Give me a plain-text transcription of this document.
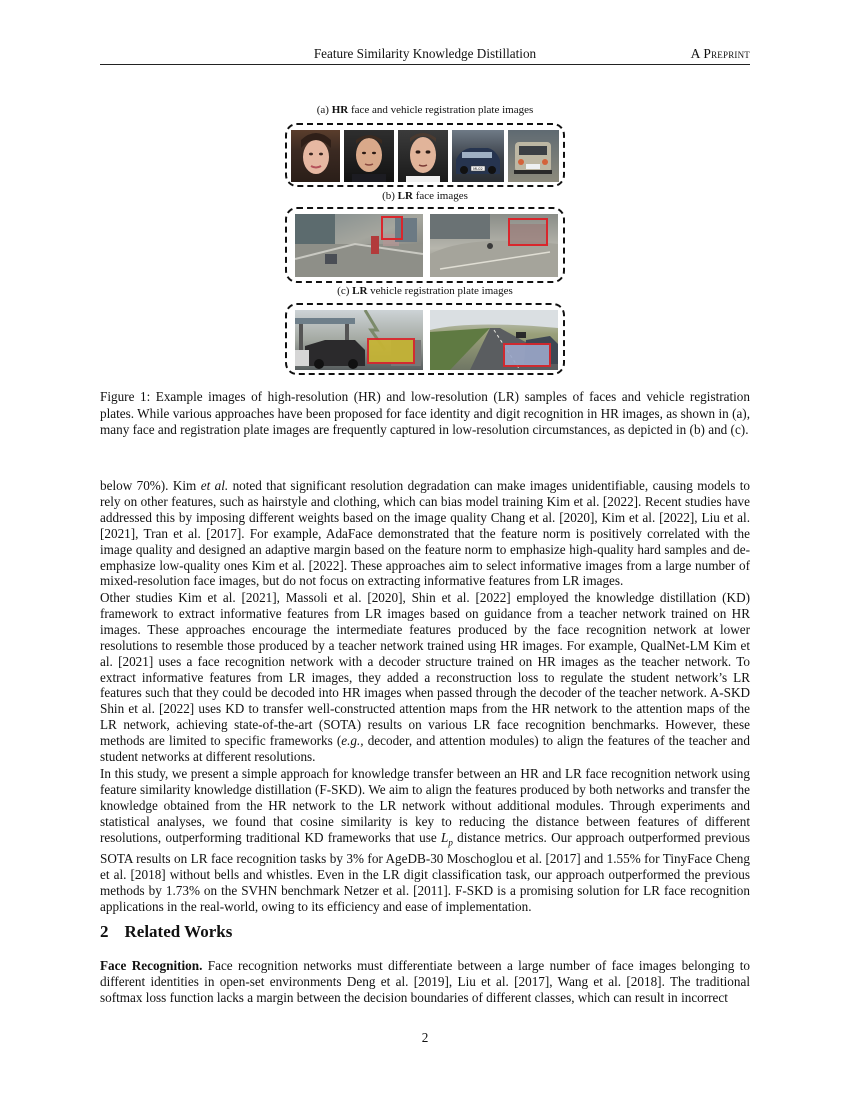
Feature Similarity Knowledge Distillation	A Preprint
(a) HR face and vehicle registration plate images
ML02
(b) LR face images
(c) LR vehicle registration plate images
Figure 1: Example images of high-resolution (HR) and low-resolution (LR) samples of faces and vehicle registration plates. While various approaches have been proposed for face identity and digit recognition in HR images, as shown in (a), many face and registration plate images are frequently captured in low-resolution circumstances, as depicted in (b) and (c).

below 70%). Kim et al. noted that significant resolution degradation can make images unidentifiable, causing models to rely on other features, such as hairstyle and clothing, which can bias model training Kim et al. [2022]. Recent studies have addressed this by imposing different weights based on the image quality Chang et al. [2020], Kim et al. [2022], Liu et al. [2021], Tran et al. [2017]. For example, AdaFace demonstrated that the feature norm is positively correlated with the image quality and designed an adaptive margin based on the feature norm to emphasize high-quality hard samples and de-emphasize low-quality ones Kim et al. [2022]. These approaches aim to select informative images from a large number of mixed-resolution face images, but do not focus on extracting informative features from LR images.

Other studies Kim et al. [2021], Massoli et al. [2020], Shin et al. [2022] employed the knowledge distillation (KD) framework to extract informative features from LR images based on guidance from a teacher network trained on HR images. These approaches encourage the intermediate features produced by the face recognition network at lower resolutions to resemble those produced by a teacher network trained using HR images. For example, QualNet-LM Kim et al. [2021] uses a face recognition network with a decoder structure trained on HR images as the teacher network. To extract informative features from LR images, they added a reconstruction loss to regulate the student network’s LR features such that they could be decoded into HR images when passed through the decoder of the teacher network. A-SKD Shin et al. [2022] uses KD to transfer well-constructed attention maps from the HR network to the attention maps of the LR network, achieving state-of-the-art (SOTA) results on various LR face recognition benchmarks. However, these methods are limited to specific frameworks (e.g., decoder, and attention modules) to align the features of the teacher and student networks at different resolutions.

In this study, we present a simple approach for knowledge transfer between an HR and LR face recognition network using feature similarity knowledge distillation (F-SKD). We aim to align the features produced by both networks and transfer the knowledge obtained from the HR network to the LR network without additional modules. Through experiments and statistical analyses, we found that cosine similarity is key to reducing the distance between features of different resolutions, outperforming traditional KD frameworks that use $L_p$ distance metrics. Our approach outperformed previous SOTA results on LR face recognition tasks by 3% for AgeDB-30 Moschoglou et al. [2017] and 1.55% for TinyFace Cheng et al. [2018] without bells and whistles. Even in the LR digit classification task, our approach outperformed the previous methods by 1.73% on the SVHN benchmark Netzer et al. [2011]. F-SKD is a promising solution for LR face recognition applications in the real-world, owing to its efficiency and ease of implementation.

2 Related Works

Face Recognition. Face recognition networks must differentiate between a large number of face images belonging to different identities in open-set environments Deng et al. [2019], Liu et al. [2017], Wang et al. [2018]. The traditional softmax loss function lacks a margin between the decision boundaries of different classes, which can result in incorrect

2
